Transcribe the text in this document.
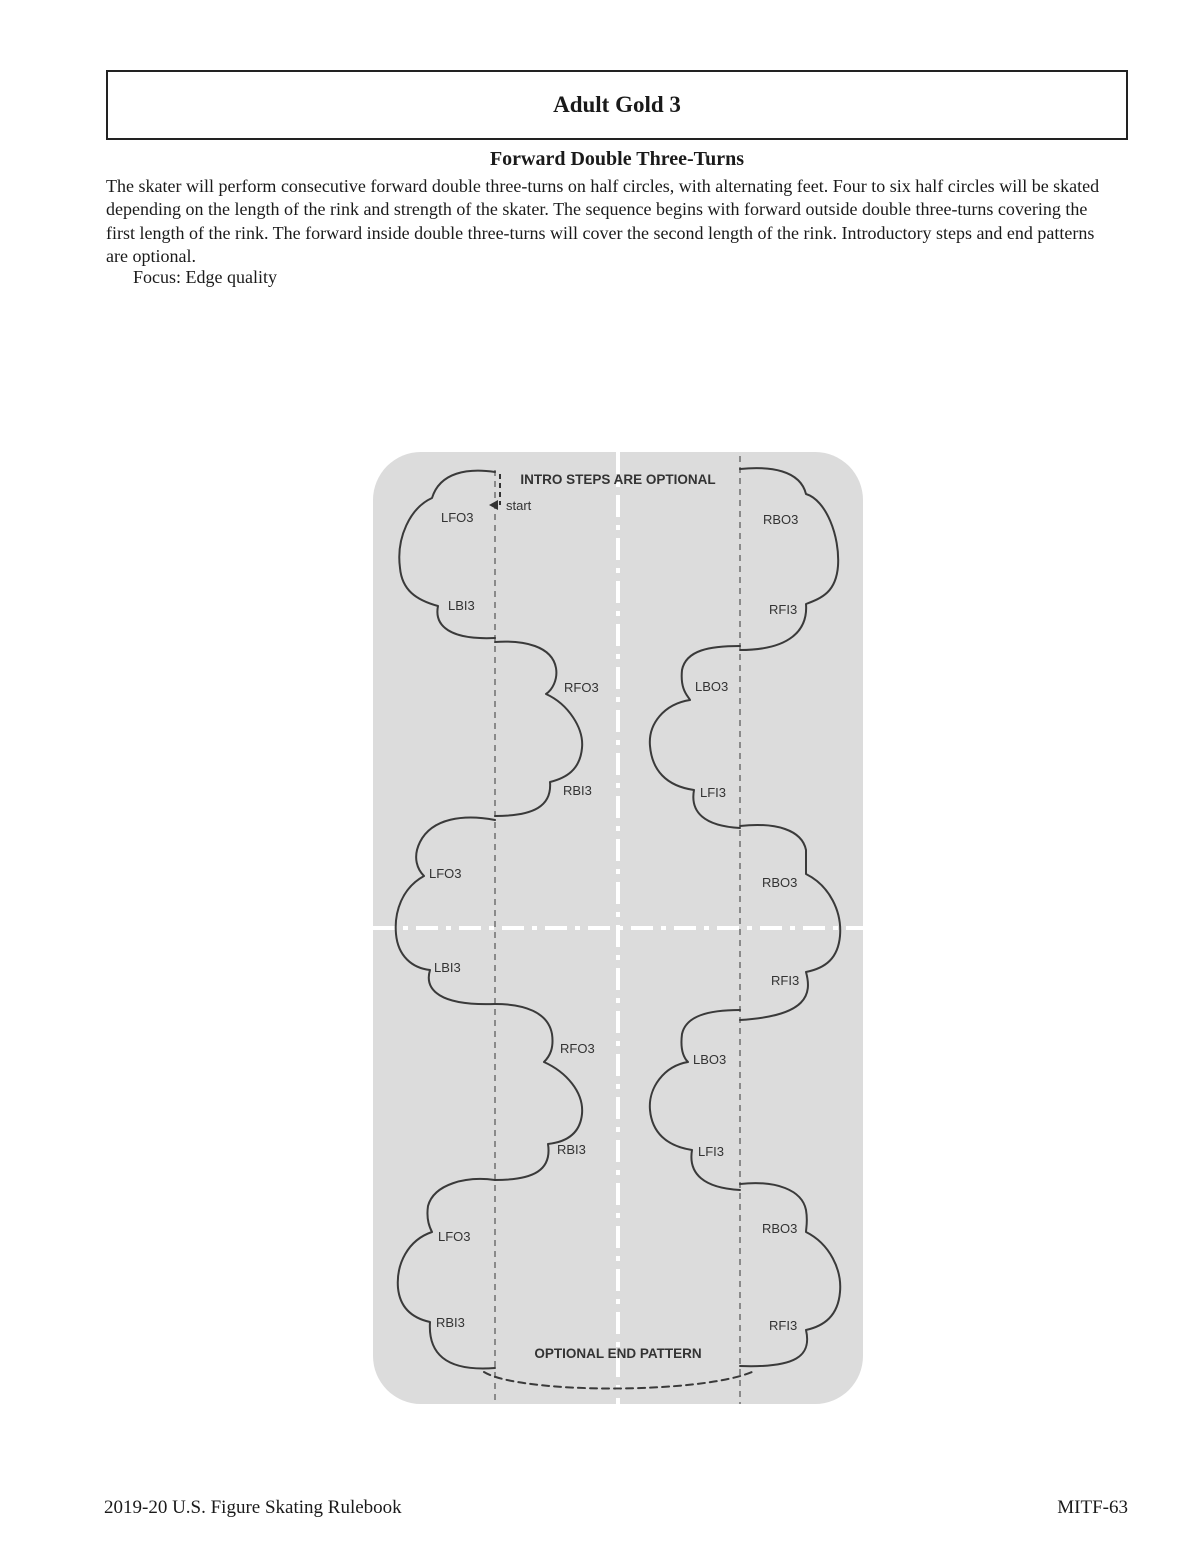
Adult Gold 3
Forward Double Three-Turns

The skater will perform consecutive forward double three-turns on half circles, with alternating feet. Four to six half circles will be skated depending on the length of the rink and strength of the skater. The sequence begins with forward outside double three-turns covering the first length of the rink. The forward inside double three-turns will cover the second length of the rink. Introductory steps and end patterns are optional.

Focus: Edge quality
INTRO STEPS ARE OPTIONAL
start
OPTIONAL END PATTERN
LFO3
LBI3
RBO3
RFI3
RFO3
RBI3
LBO3
LFI3
LFO3
LBI3
RBO3
RFI3
RFO3
RBI3
LBO3
LFI3
LFO3
RBI3
RBO3
RFI3
2019-20 U.S. Figure Skating Rulebook	MITF-63
